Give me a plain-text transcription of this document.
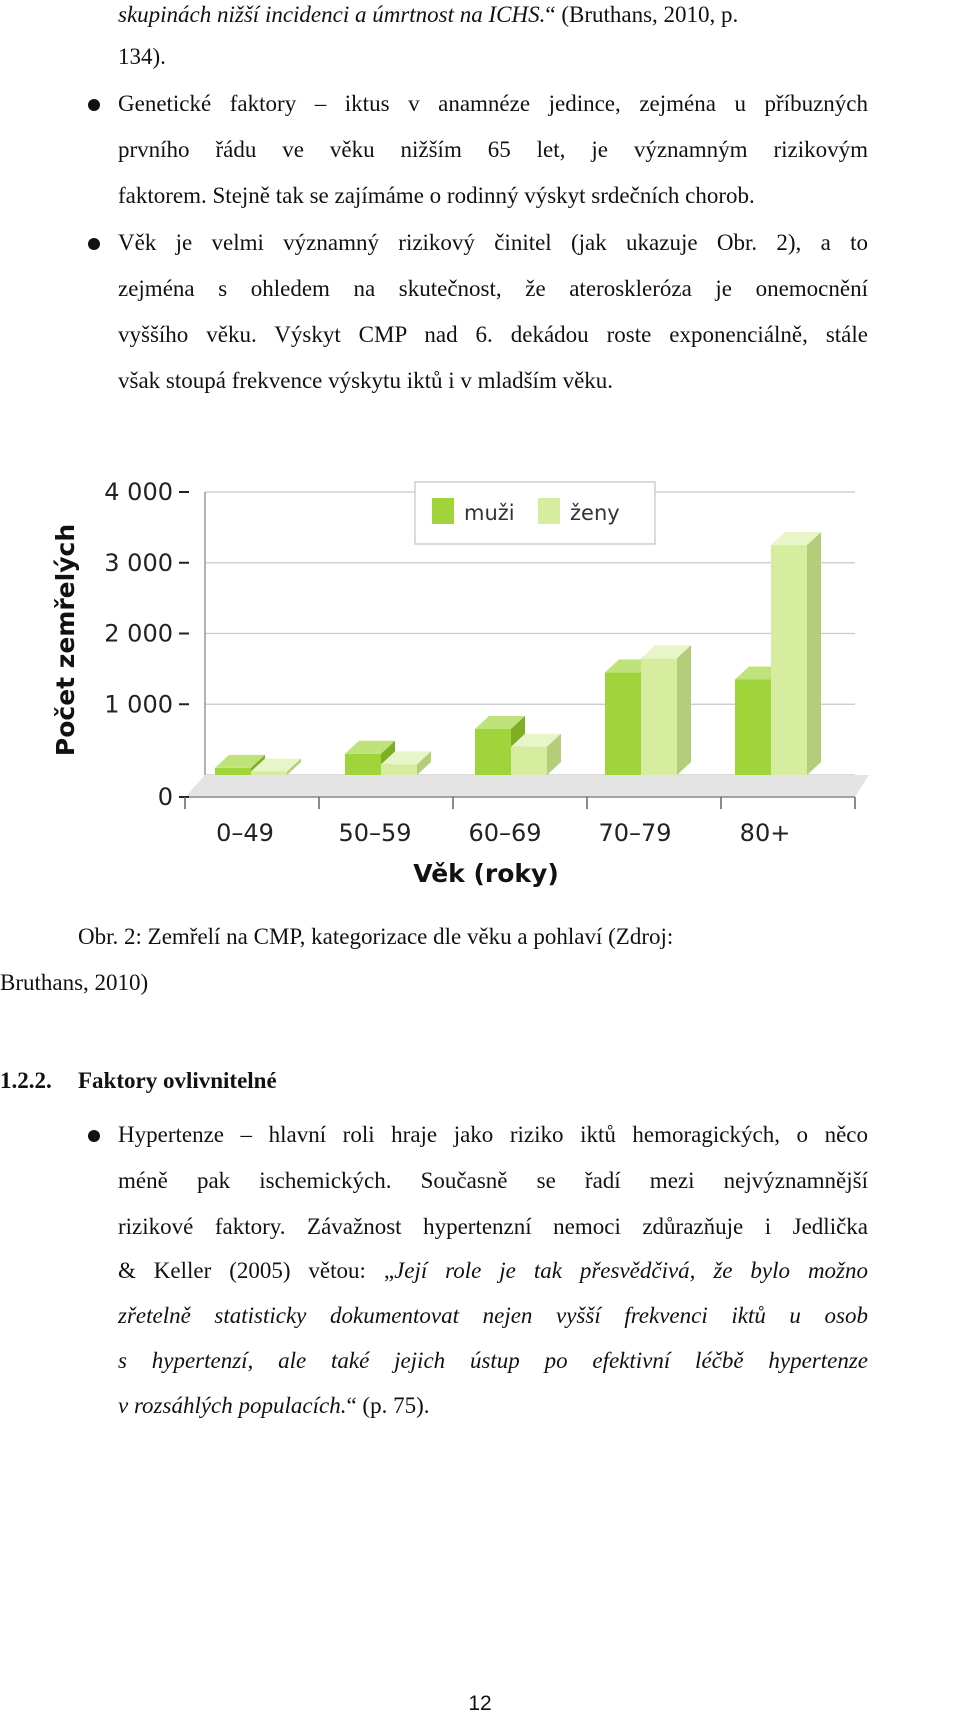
skupinách nižší incidenci a úmrtnost na ICHS.“ (Bruthans, 2010, p.
134).
Genetické faktory – iktus v anamnéze jedince, zejména u příbuzných
prvního řádu ve věku nižším 65 let, je významným rizikovým
faktorem. Stejně tak se zajímáme o rodinný výskyt srdečních chorob.
Věk je velmi významný rizikový činitel (jak ukazuje Obr. 2), a to
zejména s ohledem na skutečnost, že ateroskleróza je onemocnění
vyššího věku. Výskyt CMP nad 6. dekádou roste exponenciálně, stále
však stoupá frekvence výskytu iktů i v mladším věku.
0
1 000
2 000
3 000
4 000
0–49	50–59 60–69 70–79	80+
Počet zemřelých
Věk (roky)
muži	ženy
Obr. 2: Zemřelí na CMP, kategorizace dle věku a pohlaví (Zdroj:
Bruthans, 2010)
1.2.2. Faktory ovlivnitelné
Hypertenze – hlavní roli hraje jako riziko iktů hemoragických, o něco
méně pak ischemických. Současně se řadí mezi nejvýznamnější
rizikové faktory. Závažnost hypertenzní nemoci zdůrazňuje i Jedlička
& Keller (2005) větou: „Její role je tak přesvědčivá, že bylo možno
zřetelně statisticky dokumentovat nejen vyšší frekvenci iktů u osob
s hypertenzí, ale také jejich ústup po efektivní léčbě hypertenze
v rozsáhlých populacích.“ (p. 75).
12
